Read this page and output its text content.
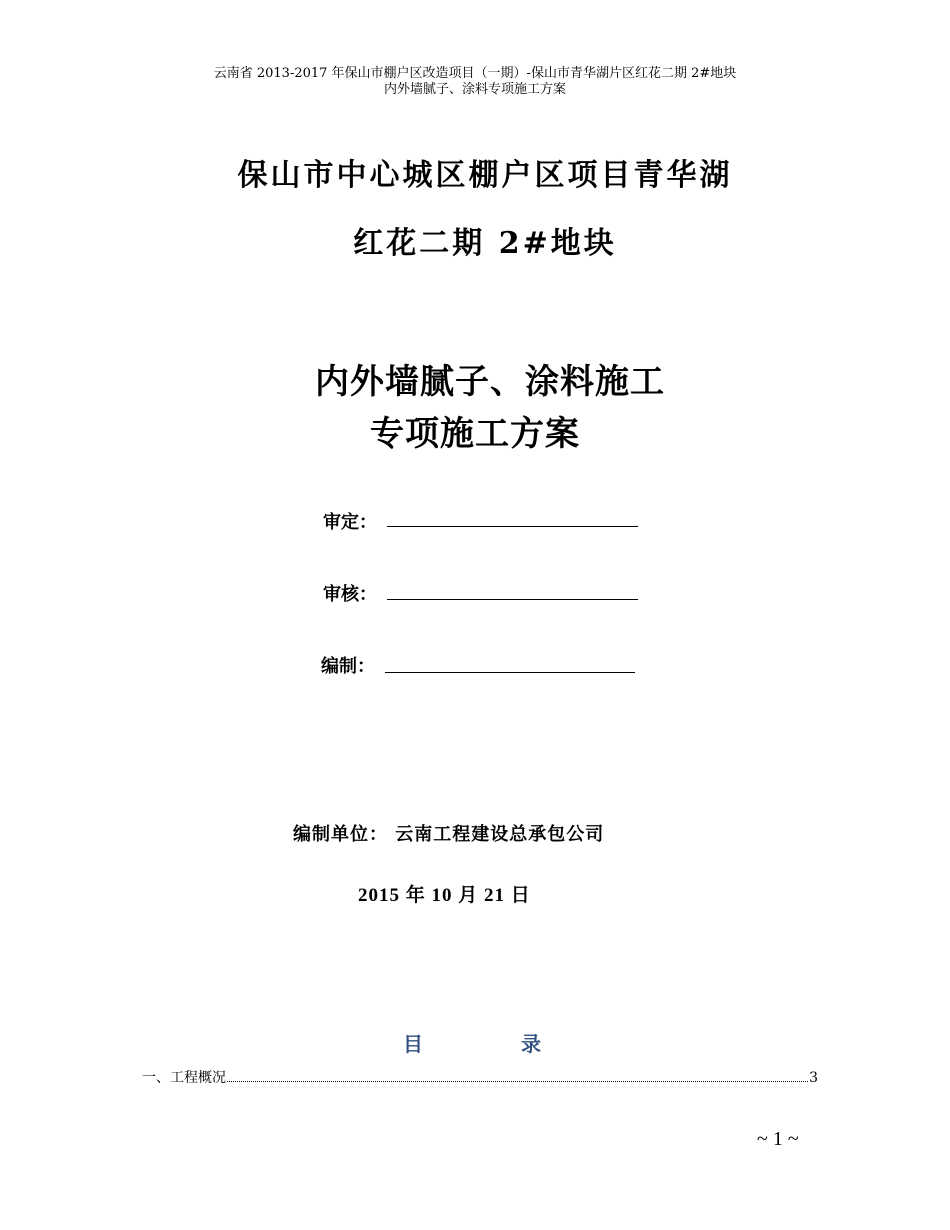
云南省 2013-2017 年保山市棚户区改造项目（一期）-保山市青华湖片区红花二期 2#地块
内外墙腻子、涂料专项施工方案
保山市中心城区棚户区项目青华湖
红花二期 2#地块
内外墙腻子、涂料施工
专项施工方案
审定：
审核：
编制：
编制单位： 云南工程建设总承包公司
2015 年 10 月 21 日
目	录
一、工程概况	3
~ 1 ~
